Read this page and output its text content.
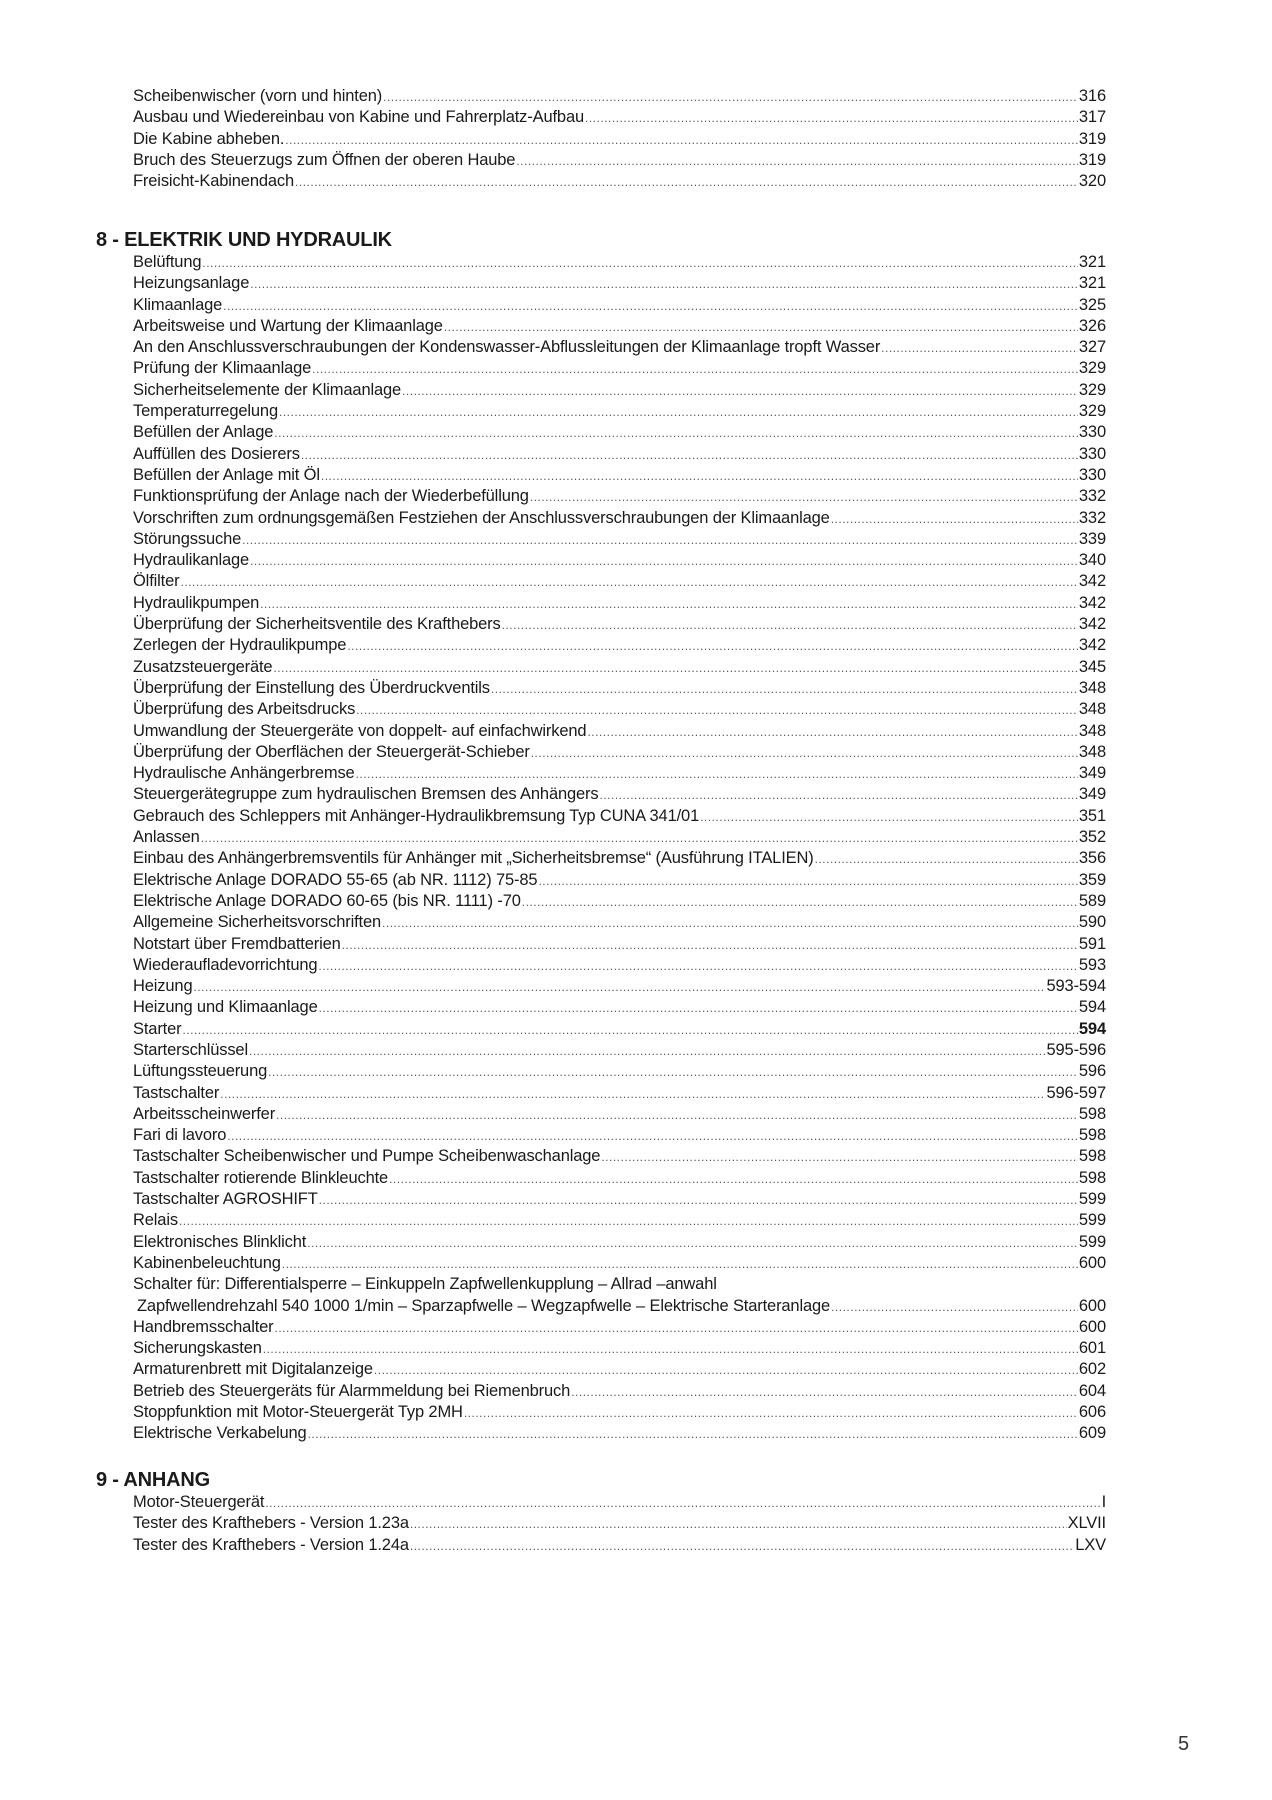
Scheibenwischer (vorn und hinten) .....	316
Ausbau und Wiedereinbau von Kabine und Fahrerplatz-Aufbau .....	317
Die Kabine abheben. .....	319
Bruch des Steuerzugs zum Öffnen der oberen Haube .....	319
Freisicht-Kabinendach .....	320
8 - ELEKTRIK UND HYDRAULIK
Belüftung .....	321
Heizungsanlage .....	321
Klimaanlage .....	325
Arbeitsweise und Wartung der Klimaanlage .....	326
An den Anschlussverschraubungen der Kondenswasser-Abflussleitungen der Klimaanlage tropft Wasser .....	327
Prüfung der Klimaanlage .....	329
Sicherheitselemente der Klimaanlage .....	329
Temperaturregelung .....	329
Befüllen der Anlage .....	330
Auffüllen des Dosierers .....	330
Befüllen der Anlage mit Öl .....	330
Funktionsprüfung der Anlage nach der Wiederbefüllung .....	332
Vorschriften zum ordnungsgemäßen Festziehen der Anschlussverschraubungen der Klimaanlage .....	332
Störungssuche .....	339
Hydraulikanlage .....	340
Ölfilter .....	342
Hydraulikpumpen .....	342
Überprüfung der Sicherheitsventile des Krafthebers .....	342
Zerlegen der Hydraulikpumpe .....	342
Zusatzsteuergeräte .....	345
Überprüfung der Einstellung des Überdruckventils .....	348
Überprüfung des Arbeitsdrucks .....	348
Umwandlung der Steuergeräte von doppelt- auf einfachwirkend .....	348
Überprüfung der Oberflächen der Steuergerät-Schieber .....	348
Hydraulische Anhängerbremse .....	349
Steuergerätegruppe zum hydraulischen Bremsen des Anhängers .....	349
Gebrauch des Schleppers mit Anhänger-Hydraulikbremsung Typ CUNA 341/01 .....	351
Anlassen .....	352
Einbau des Anhängerbremsventils für Anhänger mit „Sicherheitsbremse“ (Ausführung ITALIEN) .....	356
Elektrische Anlage DORADO 55-65 (ab NR. 1112) 75-85 .....	359
Elektrische Anlage DORADO 60-65 (bis NR. 1111) -70 .....	589
Allgemeine Sicherheitsvorschriften .....	590
Notstart über Fremdbatterien .....	591
Wiederaufladevorrichtung .....	593
Heizung .....	593-594
Heizung und Klimaanlage .....	594
Starter .....	594
Starterschlüssel .....	595-596
Lüftungssteuerung .....	596
Tastschalter .....	596-597
Arbeitsscheinwerfer .....	598
Fari di lavoro .....	598
Tastschalter Scheibenwischer und Pumpe Scheibenwaschanlage .....	598
Tastschalter rotierende Blinkleuchte .....	598
Tastschalter AGROSHIFT .....	599
Relais .....	599
Elektronisches Blinklicht .....	599
Kabinenbeleuchtung .....	600
Schalter für: Differentialsperre – Einkuppeln Zapfwellenkupplung – Allrad –anwahl
Zapfwellendrehzahl 540 1000 1/min – Sparzapfwelle – Wegzapfwelle – Elektrische Starteranlage .....	600
Handbremsschalter .....	600
Sicherungskasten .....	601
Armaturenbrett mit Digitalanzeige .....	602
Betrieb des Steuergeräts für Alarmmeldung bei Riemenbruch .....	604
Stoppfunktion mit Motor-Steuergerät Typ 2MH .....	606
Elektrische Verkabelung .....	609
9 - ANHANG
Motor-Steuergerät .....	I
Tester des Krafthebers - Version 1.23a .....	XLVII
Tester des Krafthebers - Version 1.24a .....	LXV
5
